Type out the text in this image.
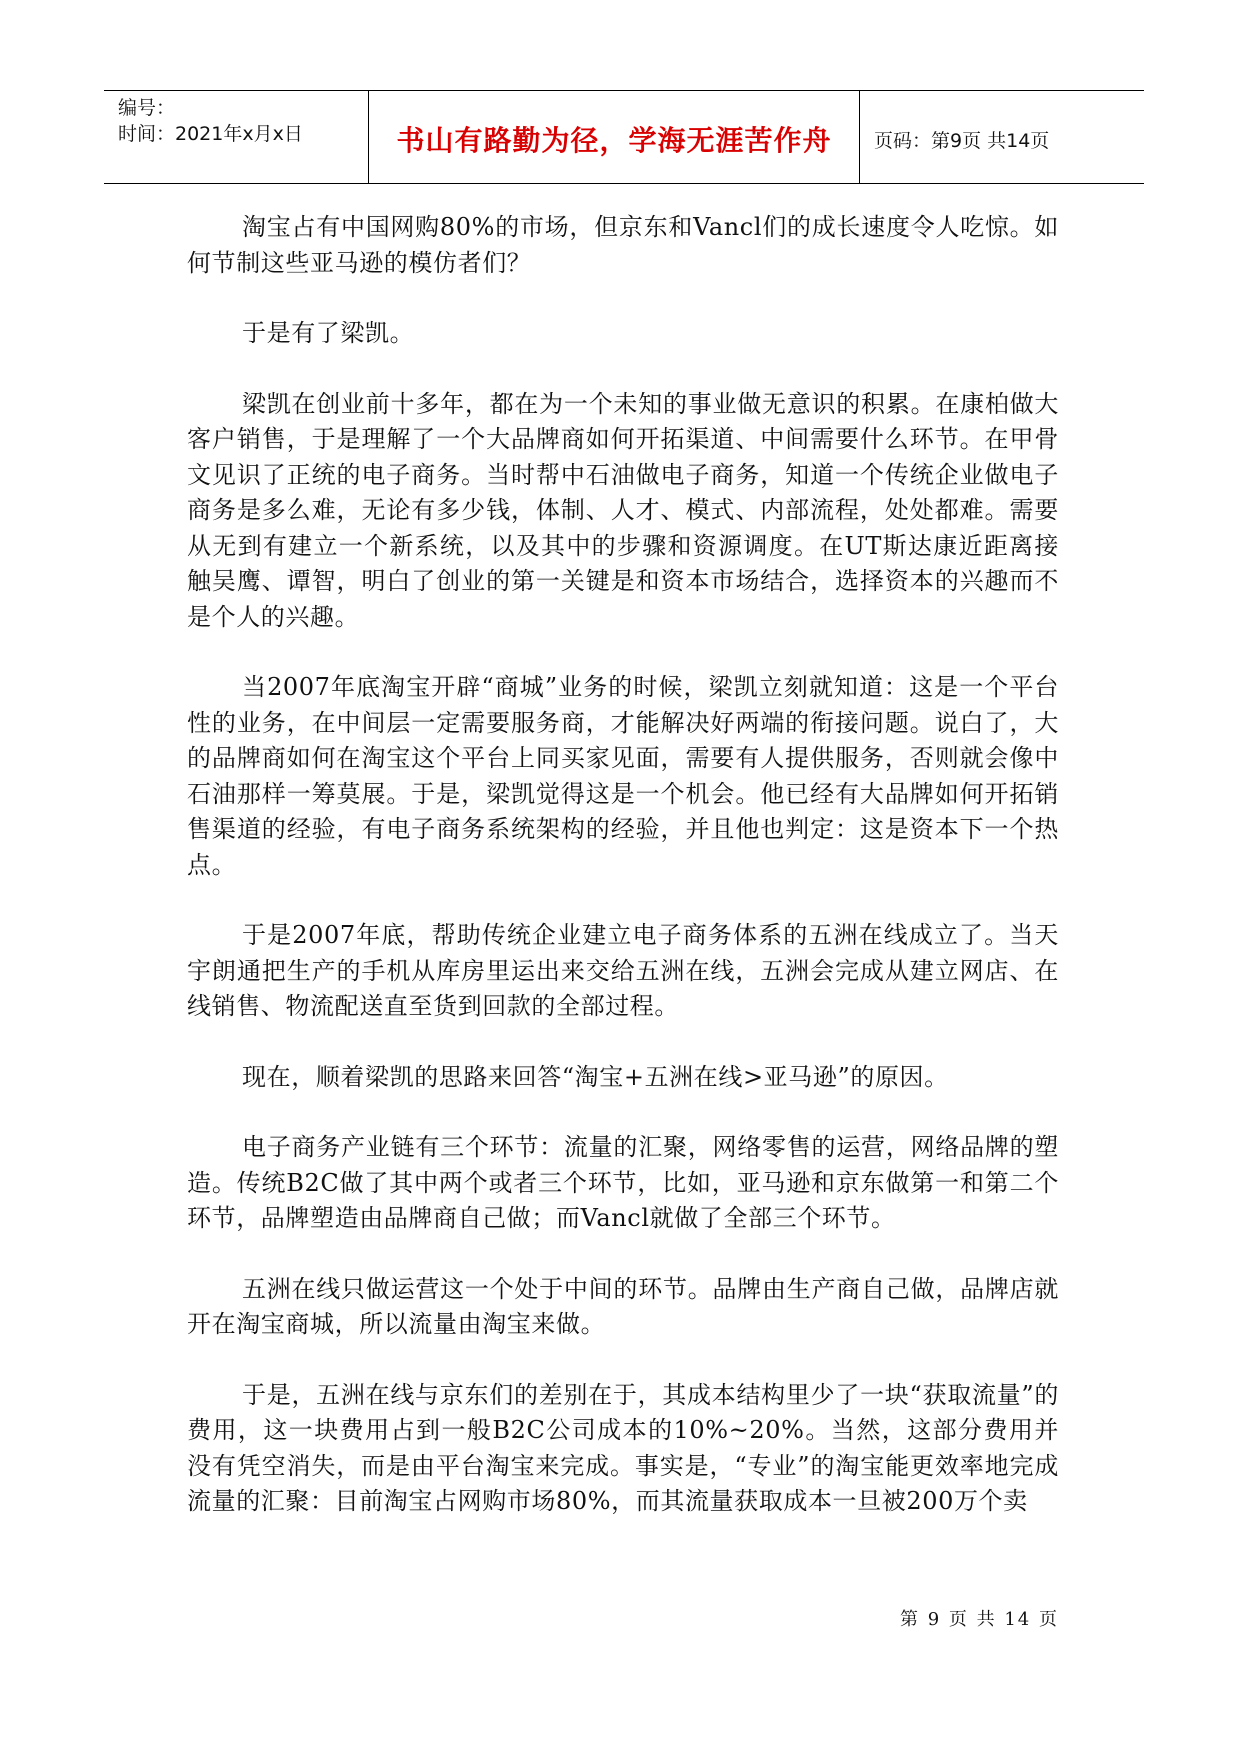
编号：
时间：2021年x月x日	书山有路勤为径，学海无涯苦作舟	页码：第9页 共14页

淘宝占有中国网购80%的市场，但京东和Vancl们的成长速度令人吃惊。如何节制这些亚马逊的模仿者们？

于是有了梁凯。

梁凯在创业前十多年，都在为一个未知的事业做无意识的积累。在康柏做大客户销售，于是理解了一个大品牌商如何开拓渠道、中间需要什么环节。在甲骨文见识了正统的电子商务。当时帮中石油做电子商务，知道一个传统企业做电子商务是多么难，无论有多少钱，体制、人才、模式、内部流程，处处都难。需要从无到有建立一个新系统，以及其中的步骤和资源调度。在UT斯达康近距离接触吴鹰、谭智，明白了创业的第一关键是和资本市场结合，选择资本的兴趣而不是个人的兴趣。

当2007年底淘宝开辟“商城”业务的时候，梁凯立刻就知道：这是一个平台性的业务，在中间层一定需要服务商，才能解决好两端的衔接问题。说白了，大的品牌商如何在淘宝这个平台上同买家见面，需要有人提供服务，否则就会像中石油那样一筹莫展。于是，梁凯觉得这是一个机会。他已经有大品牌如何开拓销售渠道的经验，有电子商务系统架构的经验，并且他也判定：这是资本下一个热点。

于是2007年底，帮助传统企业建立电子商务体系的五洲在线成立了。当天宇朗通把生产的手机从库房里运出来交给五洲在线，五洲会完成从建立网店、在线销售、物流配送直至货到回款的全部过程。

现在，顺着梁凯的思路来回答“淘宝+五洲在线>亚马逊”的原因。

电子商务产业链有三个环节：流量的汇聚，网络零售的运营，网络品牌的塑造。传统B2C做了其中两个或者三个环节，比如，亚马逊和京东做第一和第二个环节，品牌塑造由品牌商自己做；而Vancl就做了全部三个环节。

五洲在线只做运营这一个处于中间的环节。品牌由生产商自己做，品牌店就开在淘宝商城，所以流量由淘宝来做。

于是，五洲在线与京东们的差别在于，其成本结构里少了一块“获取流量”的费用，这一块费用占到一般B2C公司成本的10%~20%。当然，这部分费用并没有凭空消失，而是由平台淘宝来完成。事实是，“专业”的淘宝能更效率地完成流量的汇聚：目前淘宝占网购市场80%，而其流量获取成本一旦被200万个卖

第 9 页 共 14 页
